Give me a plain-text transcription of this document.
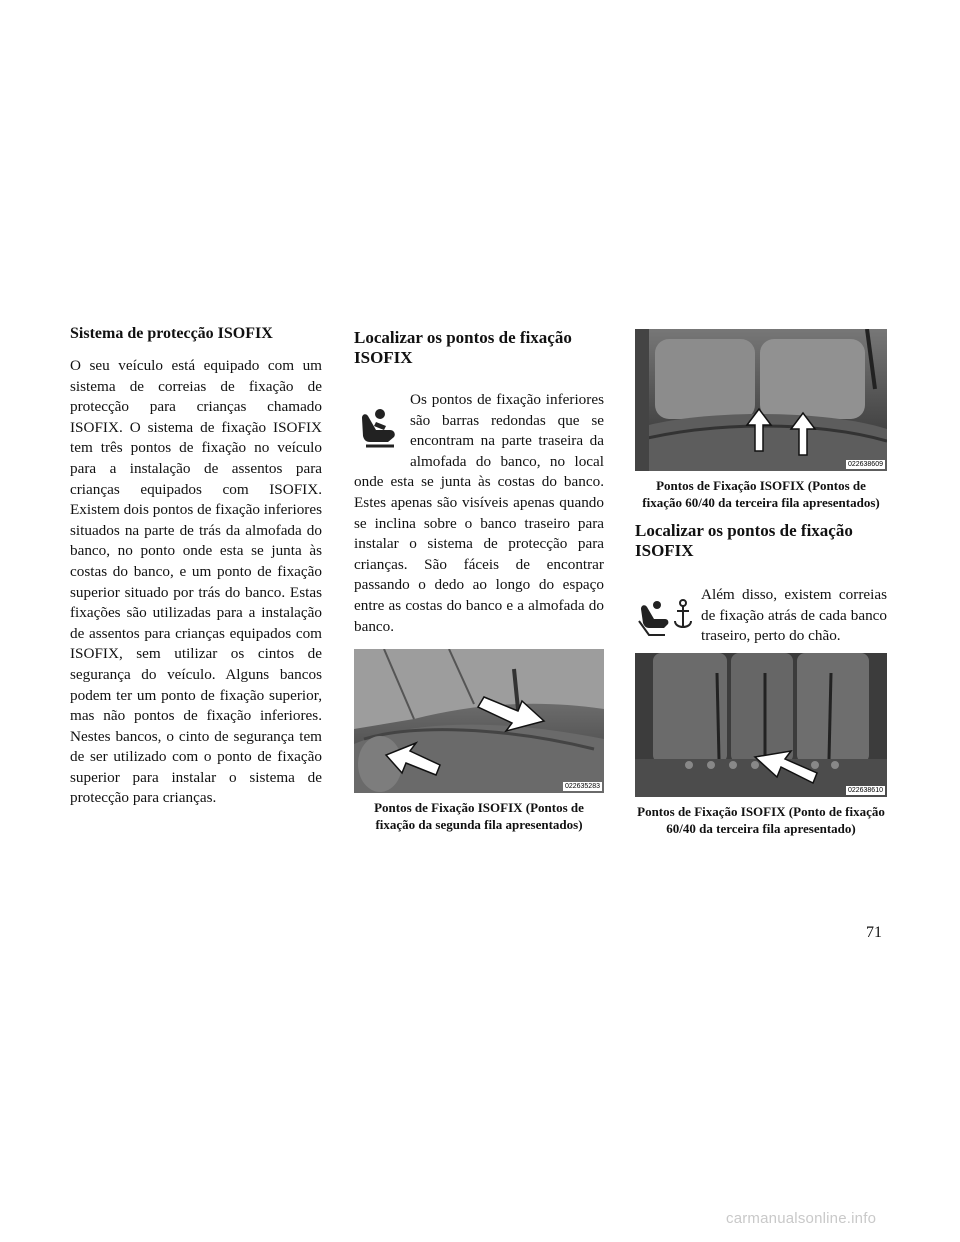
Sistema de protecção ISOFIX

O seu veículo está equipado com um sistema de correias de fixação de protecção para crianças chamado ISOFIX. O sistema de fixação ISOFIX tem três pontos de fixação no veículo para a instalação de assentos para crianças equipados com ISOFIX. Existem dois pontos de fixação inferiores situados na parte de trás da almofada do banco, no ponto onde esta se junta às costas do banco, e um ponto de fixação superior situado por trás do banco. Estas fixações são utilizadas para a instalação de assentos para crianças equipados com ISOFIX, sem utilizar os cintos de segurança do veículo. Alguns bancos podem ter um ponto de fixação superior, mas não pontos de fixação inferiores. Nestes bancos, o cinto de segurança tem de ser utilizado com o ponto de fixação superior para instalar o sistema de protecção para crianças.

Localizar os pontos de fixação ISOFIX

Os pontos de fixação inferiores são barras redondas que se encontram na parte traseira da almofada do banco, no local onde esta se junta às costas do banco. Estes apenas são visíveis apenas quando se inclina sobre o banco traseiro para instalar o sistema de protecção para crianças. São fáceis de encontrar passando o dedo ao longo do espaço entre as costas do banco e a almofada do banco.

022635283
Pontos de Fixação ISOFIX (Pontos de fixação da segunda fila apresentados)
022638609
Pontos de Fixação ISOFIX (Pontos de fixação 60/40 da terceira fila apresentados)
Localizar os pontos de fixação ISOFIX

Além disso, existem correias de fixação atrás de cada banco traseiro, perto do chão.

022638610
Pontos de Fixação ISOFIX (Ponto de fixação 60/40 da terceira fila apresentado)
71
carmanualsonline.info
